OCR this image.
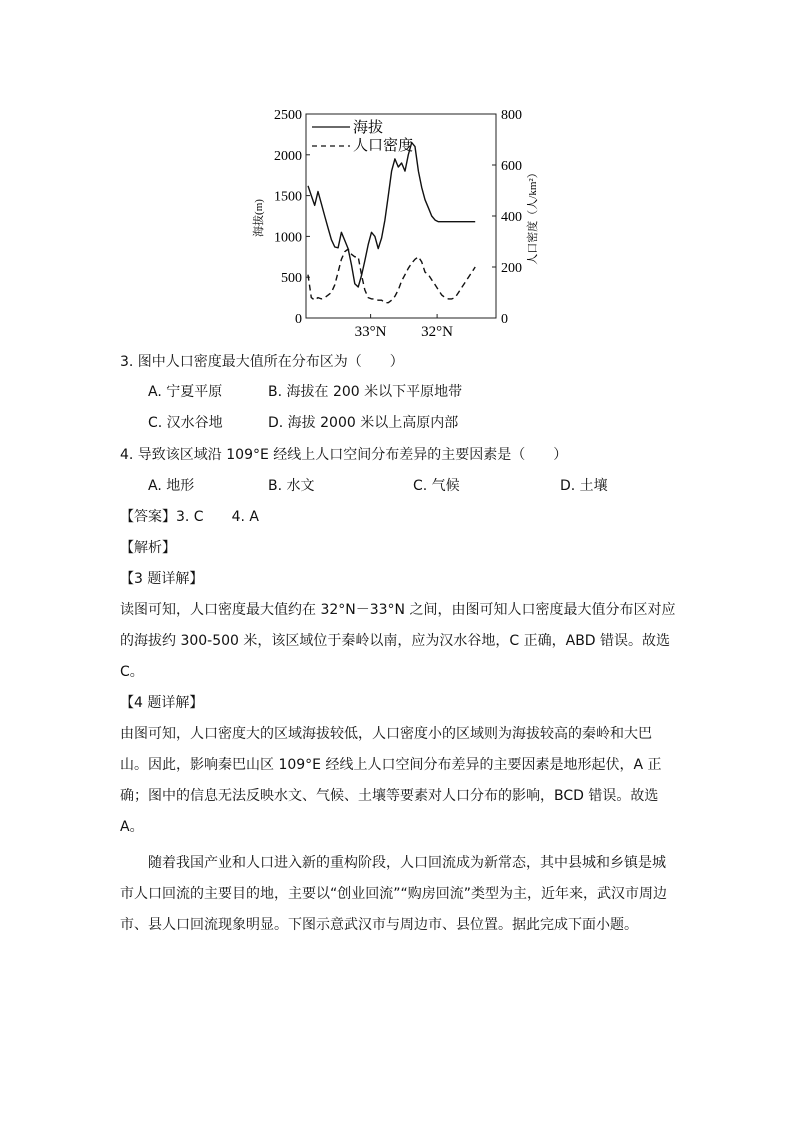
海拔(m)	人口密度（人/km²）
海拔
人口密度
0
500
1000
1500
2000
2500
0
200
400
600
800
33°N 32°N
3. 图中人口密度最大值所在分布区为（　　）
A. 宁夏平原	B. 海拔在 200 米以下平原地带
C. 汉水谷地	D. 海拔 2000 米以上高原内部
4. 导致该区域沿 109°E 经线上人口空间分布差异的主要因素是（　　）
A. 地形	B. 水文	C. 气候	D. 土壤
【答案】3. C　　4. A
【解析】
【3 题详解】
读图可知，人口密度最大值约在 32°N－33°N 之间，由图可知人口密度最大值分布区对应
的海拔约 300-500 米，该区域位于秦岭以南，应为汉水谷地，C 正确，ABD 错误。故选
C。
【4 题详解】
由图可知，人口密度大的区域海拔较低，人口密度小的区域则为海拔较高的秦岭和大巴
山。因此，影响秦巴山区 109°E 经线上人口空间分布差异的主要因素是地形起伏，A 正
确；图中的信息无法反映水文、气候、土壤等要素对人口分布的影响，BCD 错误。故选
A。
随着我国产业和人口进入新的重构阶段，人口回流成为新常态，其中县城和乡镇是城
市人口回流的主要目的地，主要以“创业回流”“购房回流”类型为主，近年来，武汉市周边
市、县人口回流现象明显。下图示意武汉市与周边市、县位置。据此完成下面小题。
